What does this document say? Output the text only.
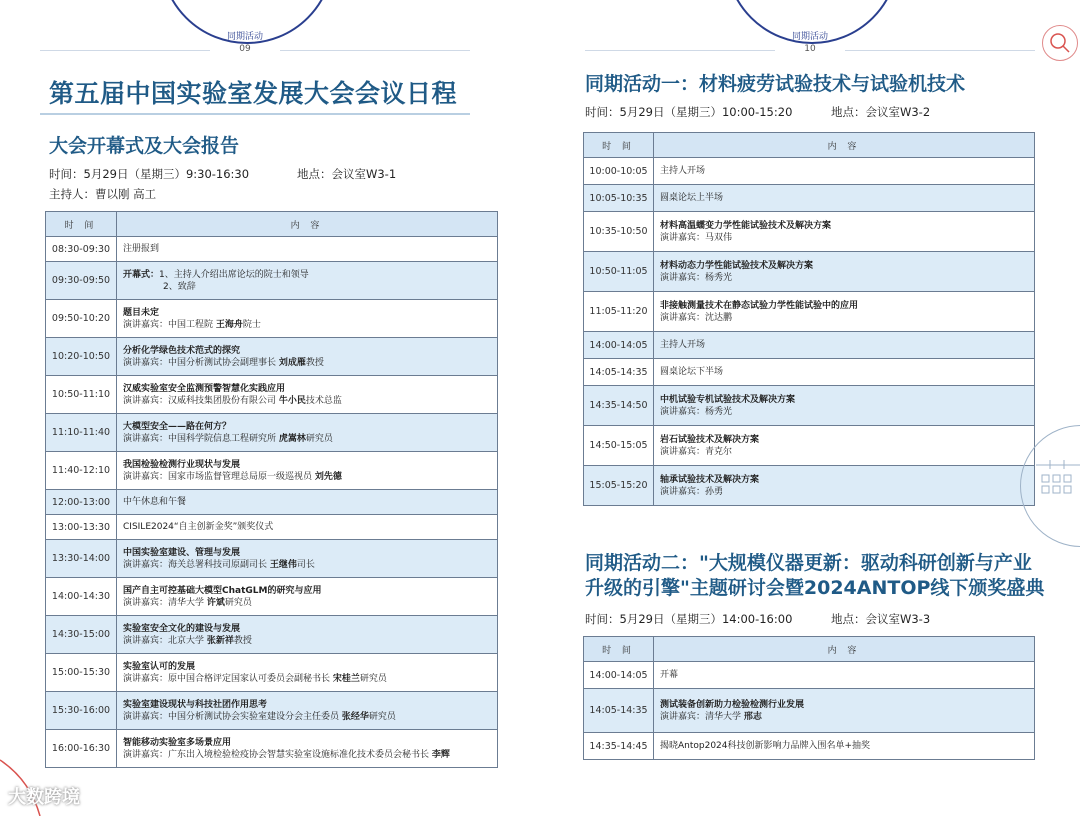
同期活动
09
第五届中国实验室发展大会会议日程
大会开幕式及大会报告
时间：5月29日（星期三）9:30-16:30	地点：会议室W3-1
主持人：曹以刚 高工
时 间	内 容
08:30-09:30	注册报到
09:30-09:50	开幕式：1、主持人介绍出席论坛的院士和领导
2、致辞

09:50-10:20	题目未定
演讲嘉宾：中国工程院 王海舟院士

10:20-10:50	分析化学绿色技术范式的探究
演讲嘉宾：中国分析测试协会副理事长 刘成雁教授

10:50-11:10	汉威实验室安全监测预警智慧化实践应用
演讲嘉宾：汉威科技集团股份有限公司 牛小民技术总监

11:10-11:40	大模型安全——路在何方？
演讲嘉宾：中国科学院信息工程研究所 虎嵩林研究员

11:40-12:10	我国检验检测行业现状与发展
演讲嘉宾：国家市场监督管理总局原一级巡视员 刘先德

12:00-13:00	中午休息和午餐
13:00-13:30	CISILE2024“自主创新金奖”颁奖仪式
13:30-14:00	中国实验室建设、管理与发展
演讲嘉宾：海关总署科技司原副司长 王继伟司长

14:00-14:30	国产自主可控基础大模型ChatGLM的研究与应用
演讲嘉宾：清华大学 许斌研究员

14:30-15:00	实验室安全文化的建设与发展
演讲嘉宾：北京大学 张新祥教授

15:00-15:30	实验室认可的发展
演讲嘉宾：原中国合格评定国家认可委员会副秘书长 宋桂兰研究员

15:30-16:00	实验室建设现状与科技社团作用思考
演讲嘉宾：中国分析测试协会实验室建设分会主任委员 张经华研究员

16:00-16:30	智能移动实验室多场景应用
演讲嘉宾：广东出入境检验检疫协会智慧实验室设施标准化技术委员会秘书长 李辉
大数跨境
同期活动
10
同期活动一：材料疲劳试验技术与试验机技术
时间：5月29日（星期三）10:00-15:20	地点：会议室W3-2
时 间	内 容
10:00-10:05	主持人开场
10:05-10:35	圆桌论坛上半场
10:35-10:50	材料高温蠕变力学性能试验技术及解决方案
演讲嘉宾：马双伟

10:50-11:05	材料动态力学性能试验技术及解决方案
演讲嘉宾：杨秀光

11:05-11:20	非接触测量技术在静态试验力学性能试验中的应用
演讲嘉宾：沈达鹏

14:00-14:05	主持人开场
14:05-14:35	圆桌论坛下半场
14:35-14:50	中机试验专机试验技术及解决方案
演讲嘉宾：杨秀光

14:50-15:05	岩石试验技术及解决方案
演讲嘉宾：青克尔

15:05-15:20	轴承试验技术及解决方案
演讲嘉宾：孙勇
同期活动二："大规模仪器更新：驱动科研创新与产业
升级的引擎"主题研讨会暨2024ANTOP线下颁奖盛典
时间：5月29日（星期三）14:00-16:00	地点：会议室W3-3
时 间	内 容
14:00-14:05	开幕
14:05-14:35	测试装备创新助力检验检测行业发展
演讲嘉宾：清华大学 邢志

14:35-14:45	揭晓Antop2024科技创新影响力品牌入围名单+抽奖
